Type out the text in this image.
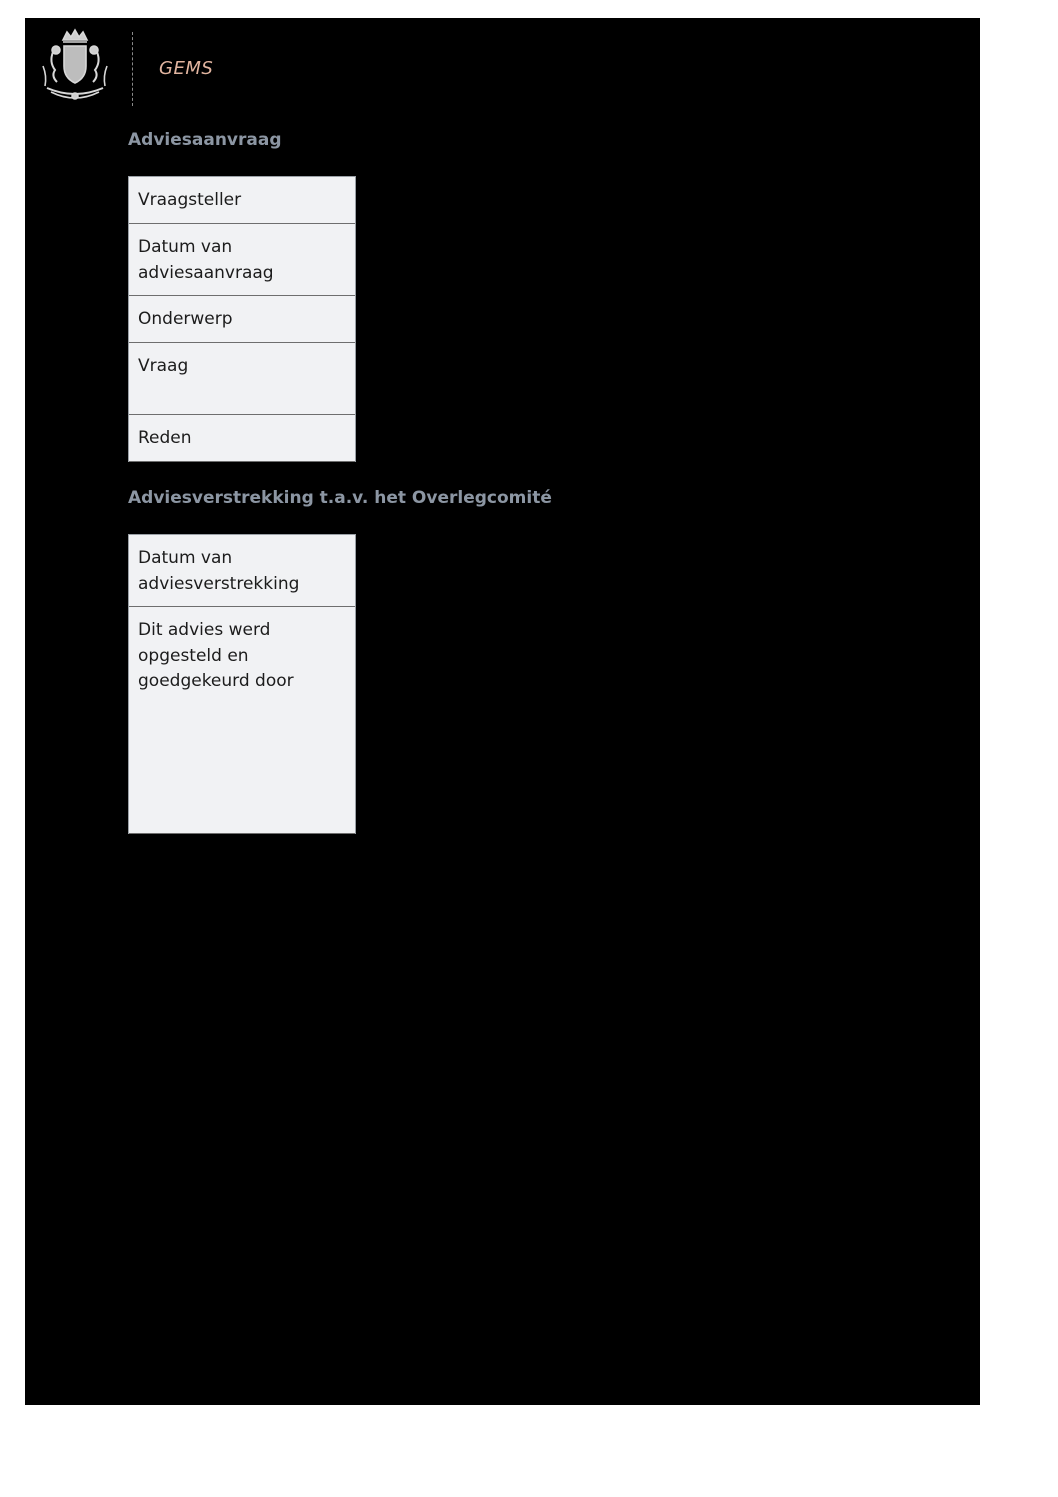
GEMS
Adviesaanvraag
Vraagsteller
Datum van adviesaanvraag
Onderwerp
Vraag
Reden
Adviesverstrekking t.a.v. het Overlegcomité
Datum van adviesverstrekking
Dit advies werd opgesteld en goedgekeurd door
